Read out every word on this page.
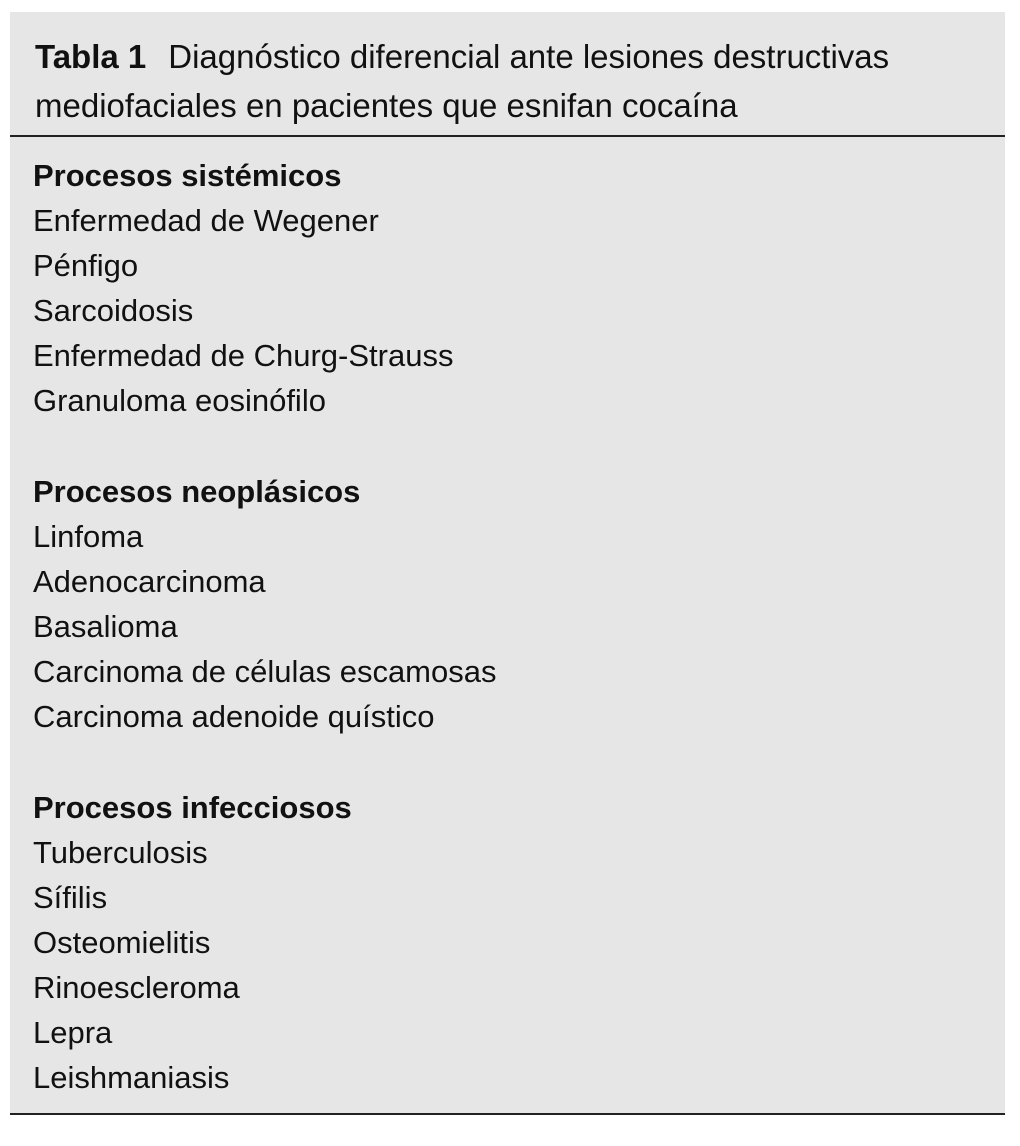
Tabla 1 Diagnóstico diferencial ante lesiones destructivas mediofaciales en pacientes que esnifan cocaína

Procesos sistémicos

Enfermedad de Wegener

Pénfigo

Sarcoidosis

Enfermedad de Churg-Strauss

Granuloma eosinófilo

Procesos neoplásicos

Linfoma

Adenocarcinoma

Basalioma

Carcinoma de células escamosas

Carcinoma adenoide quístico

Procesos infecciosos

Tuberculosis

Sífilis

Osteomielitis

Rinoescleroma

Lepra

Leishmaniasis
